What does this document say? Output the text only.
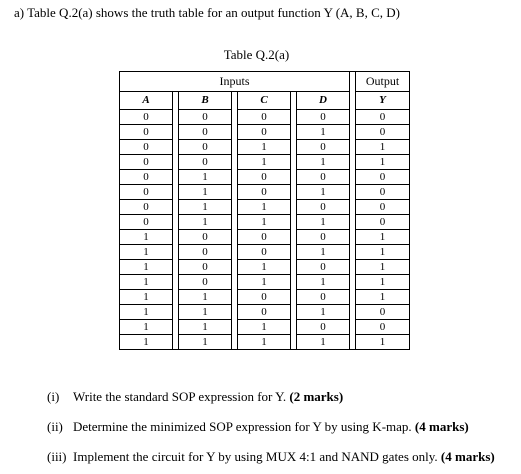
a) Table Q.2(a) shows the truth table for an output function Y (A, B, C, D)
Table Q.2(a)
Inputs								Output
A		B		C		D		Y
0		0		0		0		0
0		0		0		1		0
0		0		1		0		1
0		0		1		1		1
0		1		0		0		0
0		1		0		1		0
0		1		1		0		0
0		1		1		1		0
1		0		0		0		1
1		0		0		1		1
1		0		1		0		1
1		0		1		1		1
1		1		0		0		1
1		1		0		1		0
1		1		1		0		0
1		1		1		1		1
(i) Write the standard SOP expression for Y. (2 marks)
(ii) Determine the minimized SOP expression for Y by using K-map. (4 marks)
(iii) Implement the circuit for Y by using MUX 4:1 and NAND gates only. (4 marks)
